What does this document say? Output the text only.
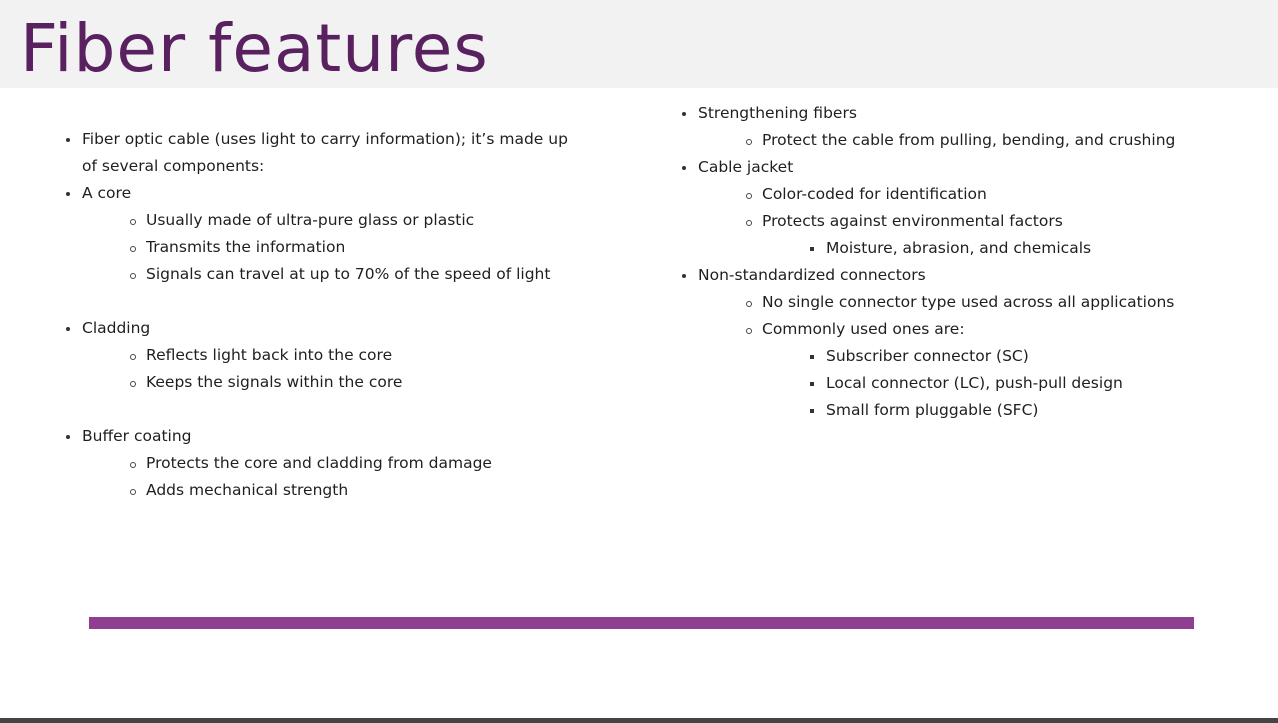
Fiber features
Fiber optic cable (uses light to carry information); it’s made up
of several components:
A core
Usually made of ultra-pure glass or plastic
Transmits the information
Signals can travel at up to 70% of the speed of light
Cladding
Reflects light back into the core
Keeps the signals within the core
Buffer coating
Protects the core and cladding from damage
Adds mechanical strength
Strengthening fibers
Protect the cable from pulling, bending, and crushing
Cable jacket
Color-coded for identification
Protects against environmental factors
Moisture, abrasion, and chemicals
Non-standardized connectors
No single connector type used across all applications
Commonly used ones are:
Subscriber connector (SC)
Local connector (LC), push-pull design
Small form pluggable (SFC)
